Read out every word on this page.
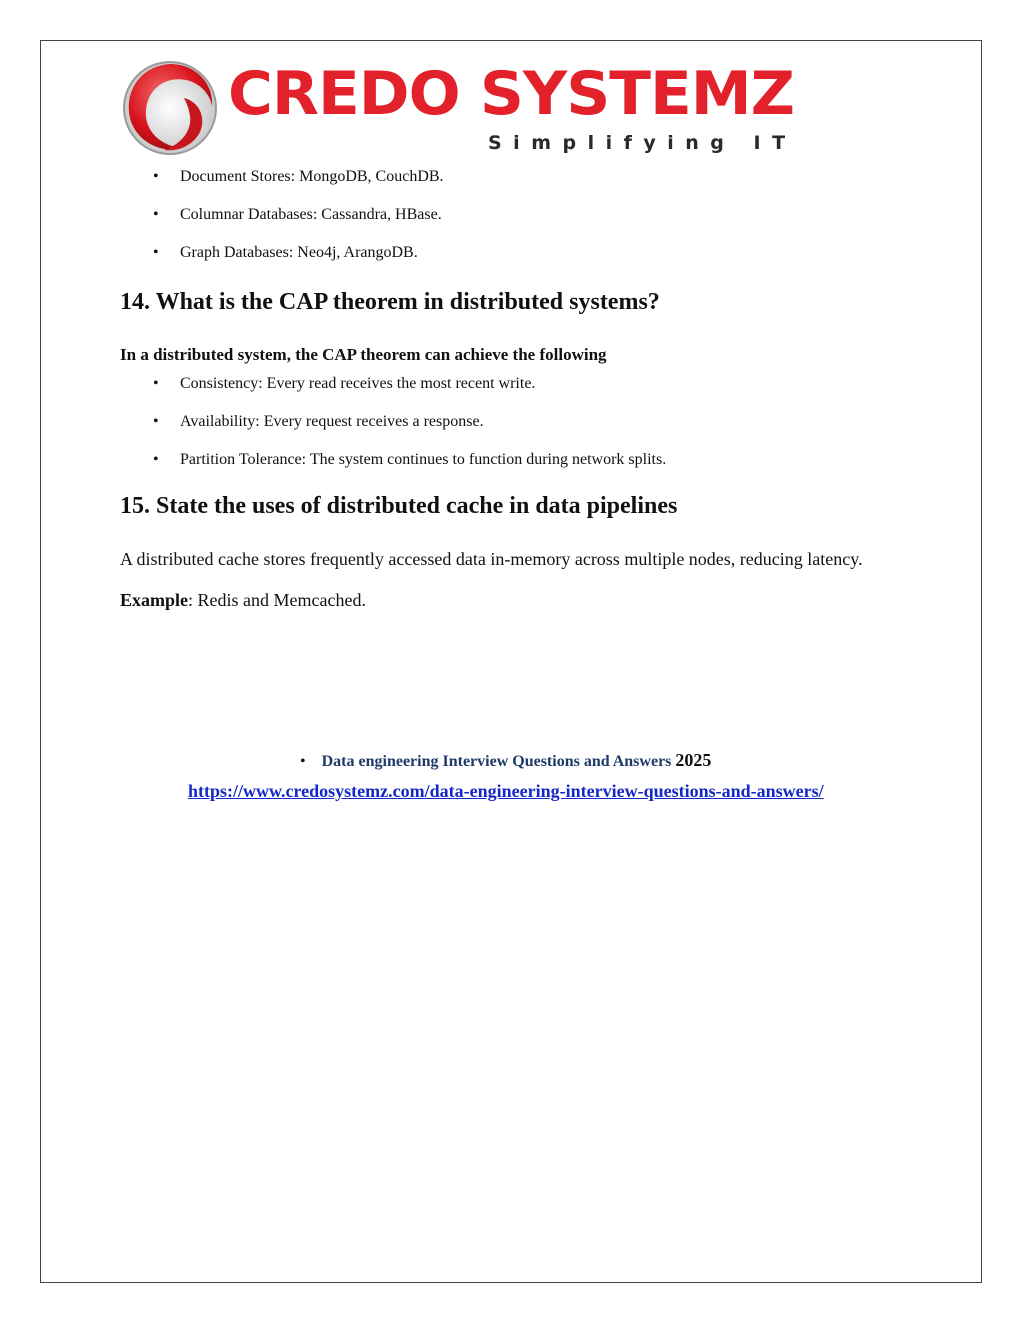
CREDO SYSTEMZ
Simplifying IT
• Document Stores: MongoDB, CouchDB.
• Columnar Databases: Cassandra, HBase.
• Graph Databases: Neo4j, ArangoDB.
14. What is the CAP theorem in distributed systems?

In a distributed system, the CAP theorem can achieve the following

• Consistency: Every read receives the most recent write.
• Availability: Every request receives a response.
• Partition Tolerance: The system continues to function during network splits.
15. State the uses of distributed cache in data pipelines

A distributed cache stores frequently accessed data in-memory across multiple nodes, reducing latency.

Example: Redis and Memcached.

• Data engineering Interview Questions and Answers 2025
https://www.credosystemz.com/data-engineering-interview-questions-and-answers/
